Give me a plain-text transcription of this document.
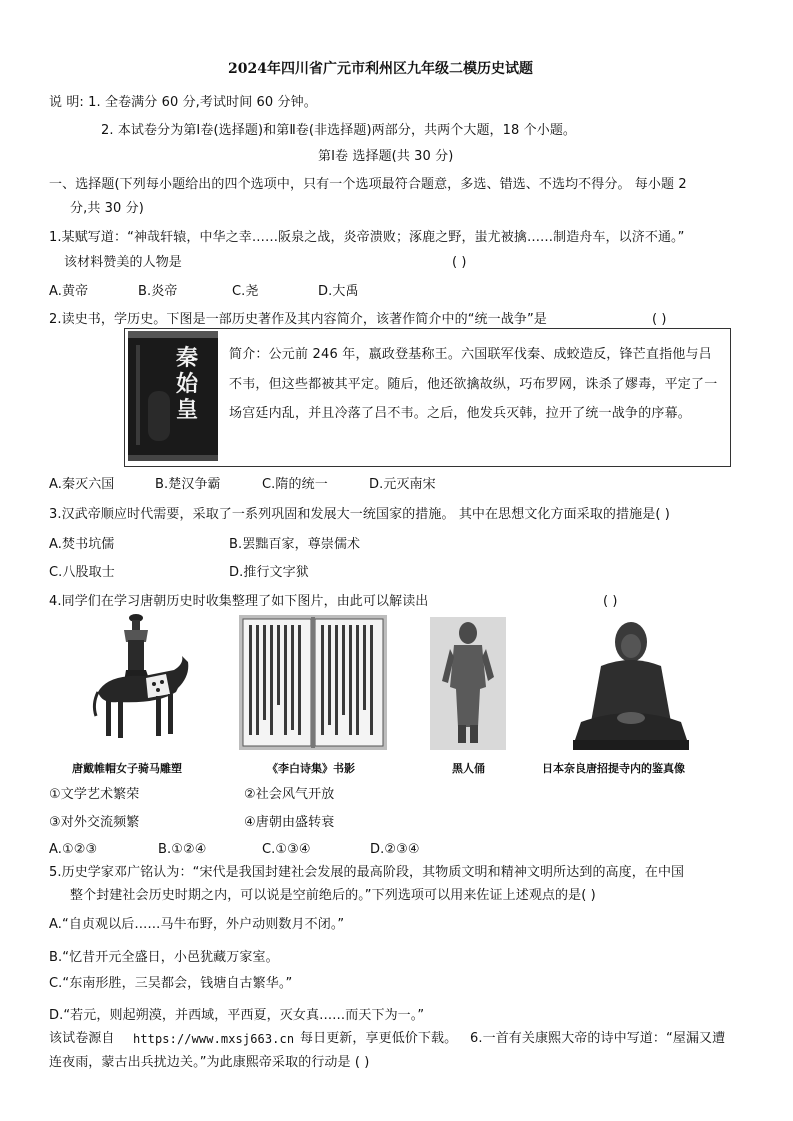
2024年四川省广元市利州区九年级二模历史试题
说 明: 1. 全卷满分 60 分,考试时间 60 分钟。
2. 本试卷分为第Ⅰ卷(选择题)和第Ⅱ卷(非选择题)两部分，共两个大题，18 个小题。
第Ⅰ卷 选择题(共 30 分)
一、选择题(下列每小题给出的四个选项中，只有一个选项最符合题意，多选、错选、不选均不得分。 每小题 2
分,共 30 分)
1.某赋写道：“神哉轩辕，中华之幸……阪泉之战，炎帝溃败；涿鹿之野，蚩尤被擒……制造舟车，以济不通。”
该材料赞美的人物是	( )
A.黄帝	B.炎帝	C.尧	D.大禹
2.读史书，学历史。下图是一部历史著作及其内容简介，该著作简介中的“统一战争”是	( )
秦始皇
简介：公元前 246 年，嬴政登基称王。六国联军伐秦、成蛟造反，锋芒直指他与吕不韦，但这些都被其平定。随后，他还欲擒故纵，巧布罗网，诛杀了嫪毒，平定了一场宫廷内乱，并且冷落了吕不韦。之后，他发兵灭韩，拉开了统一战争的序幕。
A.秦灭六国	B.楚汉争霸	C.隋的统一	D.元灭南宋
3.汉武帝顺应时代需要，采取了一系列巩固和发展大一统国家的措施。 其中在思想文化方面采取的措施是( )
A.焚书坑儒	B.罢黜百家，尊崇儒术
C.八股取士	D.推行文字狱
4.同学们在学习唐朝历史时收集整理了如下图片，由此可以解读出	( )
唐戴帷帽女子骑马雕塑	《李白诗集》书影	黑人俑	日本奈良唐招提寺内的鉴真像
①文学艺术繁荣	②社会风气开放
③对外交流频繁	④唐朝由盛转衰
A.①②③	B.①②④	C.①③④	D.②③④
5.历史学家邓广铭认为：“宋代是我国封建社会发展的最高阶段，其物质文明和精神文明所达到的高度，在中国
整个封建社会历史时期之内，可以说是空前绝后的。”下列选项可以用来佐证上述观点的是( )
A.“自贞观以后……马牛布野，外户动则数月不闭。”
B.“忆昔开元全盛日，小邑犹藏万家室。
C.“东南形胜，三吴都会，钱塘自古繁华。”
D.“若元，则起朔漠，并西域，平西夏，灭女真……而天下为一。”
该试卷源自 https://www.mxsj663.cn 每日更新，享更低价下载。 6.一首有关康熙大帝的诗中写道：“屋漏又遭
连夜雨，蒙古出兵扰边关。”为此康熙帝采取的行动是 ( )
